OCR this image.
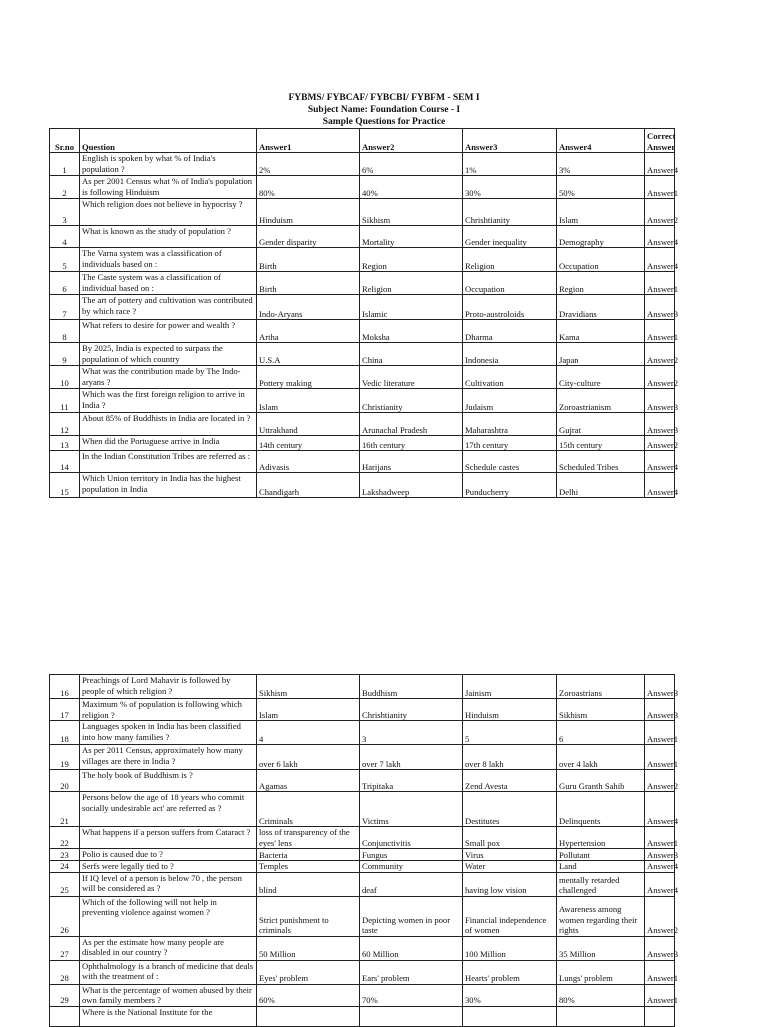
FYBMS/ FYBCAF/ FYBCBI/ FYBFM - SEM I
Subject Name: Foundation Course - I
Sample Questions for Practice
Sr.no	Question	Answer1	Answer2	Answer3	Answer4	Correct Answer
1	English is spoken by what % of India's population ?	2%	6%	1%	3%	Answer4
2	As per 2001 Census what % of India's population is following Hinduism	80%	40%	30%	50%	Answer1
3	Which religion does not believe in hypocrisy ?	Hinduism	Sikhism	Chrishtianity	Islam	Answer2
4	What is known as the study of population ?	Gender disparity	Mortality	Gender inequality	Demography	Answer4
5	The Varna system was a classification of individuals based on :	Birth	Region	Religion	Occupation	Answer4
6	The Caste system was a classification of individual based on :	Birth	Religion	Occupation	Region	Answer1
7	The art of pottery and cultivation was contributed by which race ?	Indo-Aryans	Islamic	Proto-austroloids	Dravidians	Answer3
8	What refers to desire for power and wealth ?	Artha	Moksha	Dharma	Kama	Answer1
9	By 2025, India is expected to surpass the population of which country	U.S.A	China	Indonesia	Japan	Answer2
10	What was the contribution made by The Indo-aryans ?	Pottery making	Vedic literature	Cultivation	City-culture	Answer2
11	Which was the first foreign religion to arrive in India ?	Islam	Christianity	Judaism	Zoroastrianism	Answer3
12	About 85% of Buddhists in India are located in ?	Uttrakhand	Arunachal Pradesh	Maharashtra	Gujrat	Answer3
13	When did the Portuguese arrive in India	14th century	16th century	17th century	15th century	Answer2
14	In the Indian Constitution Tribes are referred as :	Adivasis	Harijans	Schedule castes	Scheduled Tribes	Answer4
15	Which Union territory in India has the highest population in India	Chandigarh	Lakshadweep	Punducherry	Delhi	Answer4
16	Preachings of Lord Mahavir is followed by people of which religion ?	Sikhism	Buddhism	Jainism	Zoroastrians	Answer3
17	Maximum % of population is following which religion ?	Islam	Chrishtianity	Hinduism	Sikhism	Answer3
18	Languages spoken in India has been classified into how many families ?	4	3	5	6	Answer1
19	As per 2011 Census, approximately how many villages are there in India ?	over 6 lakh	over 7 lakh	over 8 lakh	over 4 lakh	Answer1
20	The holy book of Buddhism is ?	Agamas	Tripitaka	Zend Avesta	Guru Granth Sahib	Answer2
21	Persons below the age of 18 years who commit socially undesirable act' are referred as ?	Criminals	Victims	Destitutes	Delinquents	Answer4
22	What happens if a person suffers from Cataract ?	loss of transparency of the eyes' lens	Conjunctivitis	Small pox	Hypertension	Answer1
23	Polio is caused due to ?	Bacteria	Fungus	Virus	Pollutant	Answer3
24	Serfs were legally tied to ?	Temples	Community	Water	Land	Answer4
25	If IQ level of a person is below 70 , the person will be considered as ?	blind	deaf	having low vision	mentally retarded challenged	Answer4
26	Which of the following will not help in preventing violence against women ?	Strict punishment to criminals	Depicting women in poor taste	Financial independence of women	Awareness among women regarding their rights	Answer2
27	As per the estimate how many people are disabled in our country ?	50 Million	60 Million	100 Million	35 Million	Answer3
28	Ophthalmology is a branch of medicine that deals with the treatment of :	Eyes' problem	Ears' problem	Hearts' problem	Lungs' problem	Answer1
29	What is the percentage of women abused by their own family members ?	60%	70%	30%	80%	Answer1
	Where is the National Institute for the					
